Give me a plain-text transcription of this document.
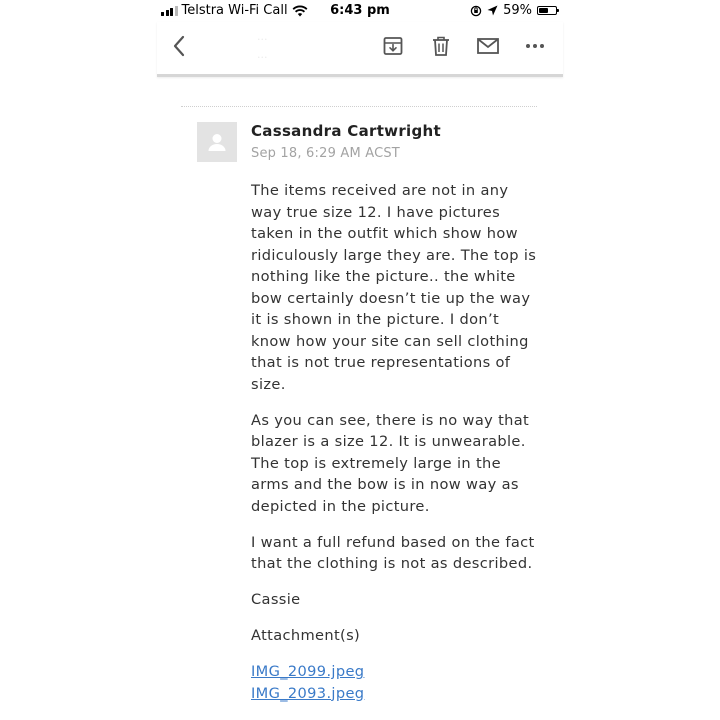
Telstra Wi-Fi Call	6:43 pm	59%
...
...
Cassandra Cartwright
Sep 18, 6:29 AM ACST

The items received are not in any way true size 12. I have pictures taken in the outfit which show how ridiculously large they are. The top is nothing like the picture.. the white bow certainly doesn’t tie up the way it is shown in the picture. I don’t know how your site can sell clothing that is not true representations of size.

As you can see, there is no way that blazer is a size 12. It is unwearable. The top is extremely large in the arms and the bow is in now way as depicted in the picture.

I want a full refund based on the fact that the clothing is not as described.

Cassie

Attachment(s)

IMG_2099.jpeg
IMG_2093.jpeg
